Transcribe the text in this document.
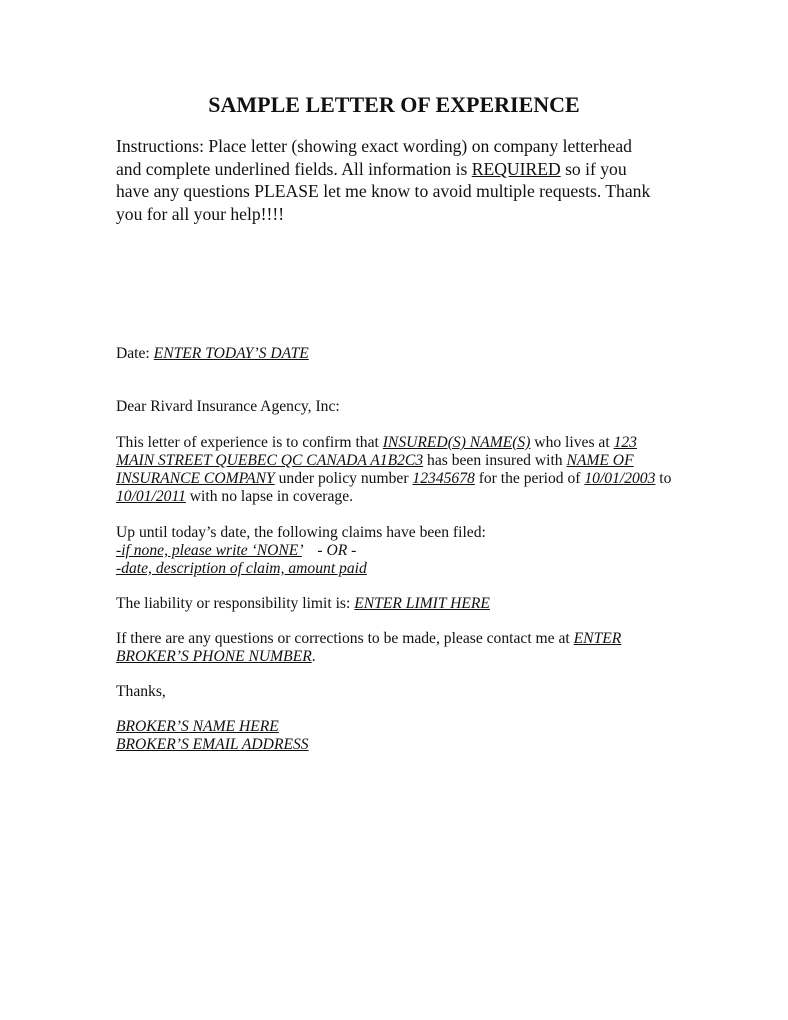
SAMPLE LETTER OF EXPERIENCE
Instructions: Place letter (showing exact wording) on company letterhead
and complete underlined fields. All information is REQUIRED so if you
have any questions PLEASE let me know to avoid multiple requests. Thank
you for all your help!!!!
Date: ENTER TODAY’S DATE
Dear Rivard Insurance Agency, Inc:
This letter of experience is to confirm that INSURED(S) NAME(S) who lives at 123
MAIN STREET QUEBEC QC CANADA A1B2C3 has been insured with NAME OF
INSURANCE COMPANY under policy number 12345678 for the period of 10/01/2003 to
10/01/2011 with no lapse in coverage.
Up until today’s date, the following claims have been filed:
-if none, please write ‘NONE’    - OR -
-date, description of claim, amount paid
The liability or responsibility limit is: ENTER LIMIT HERE
If there are any questions or corrections to be made, please contact me at ENTER
BROKER’S PHONE NUMBER.
Thanks,
BROKER’S NAME HERE
BROKER’S EMAIL ADDRESS
